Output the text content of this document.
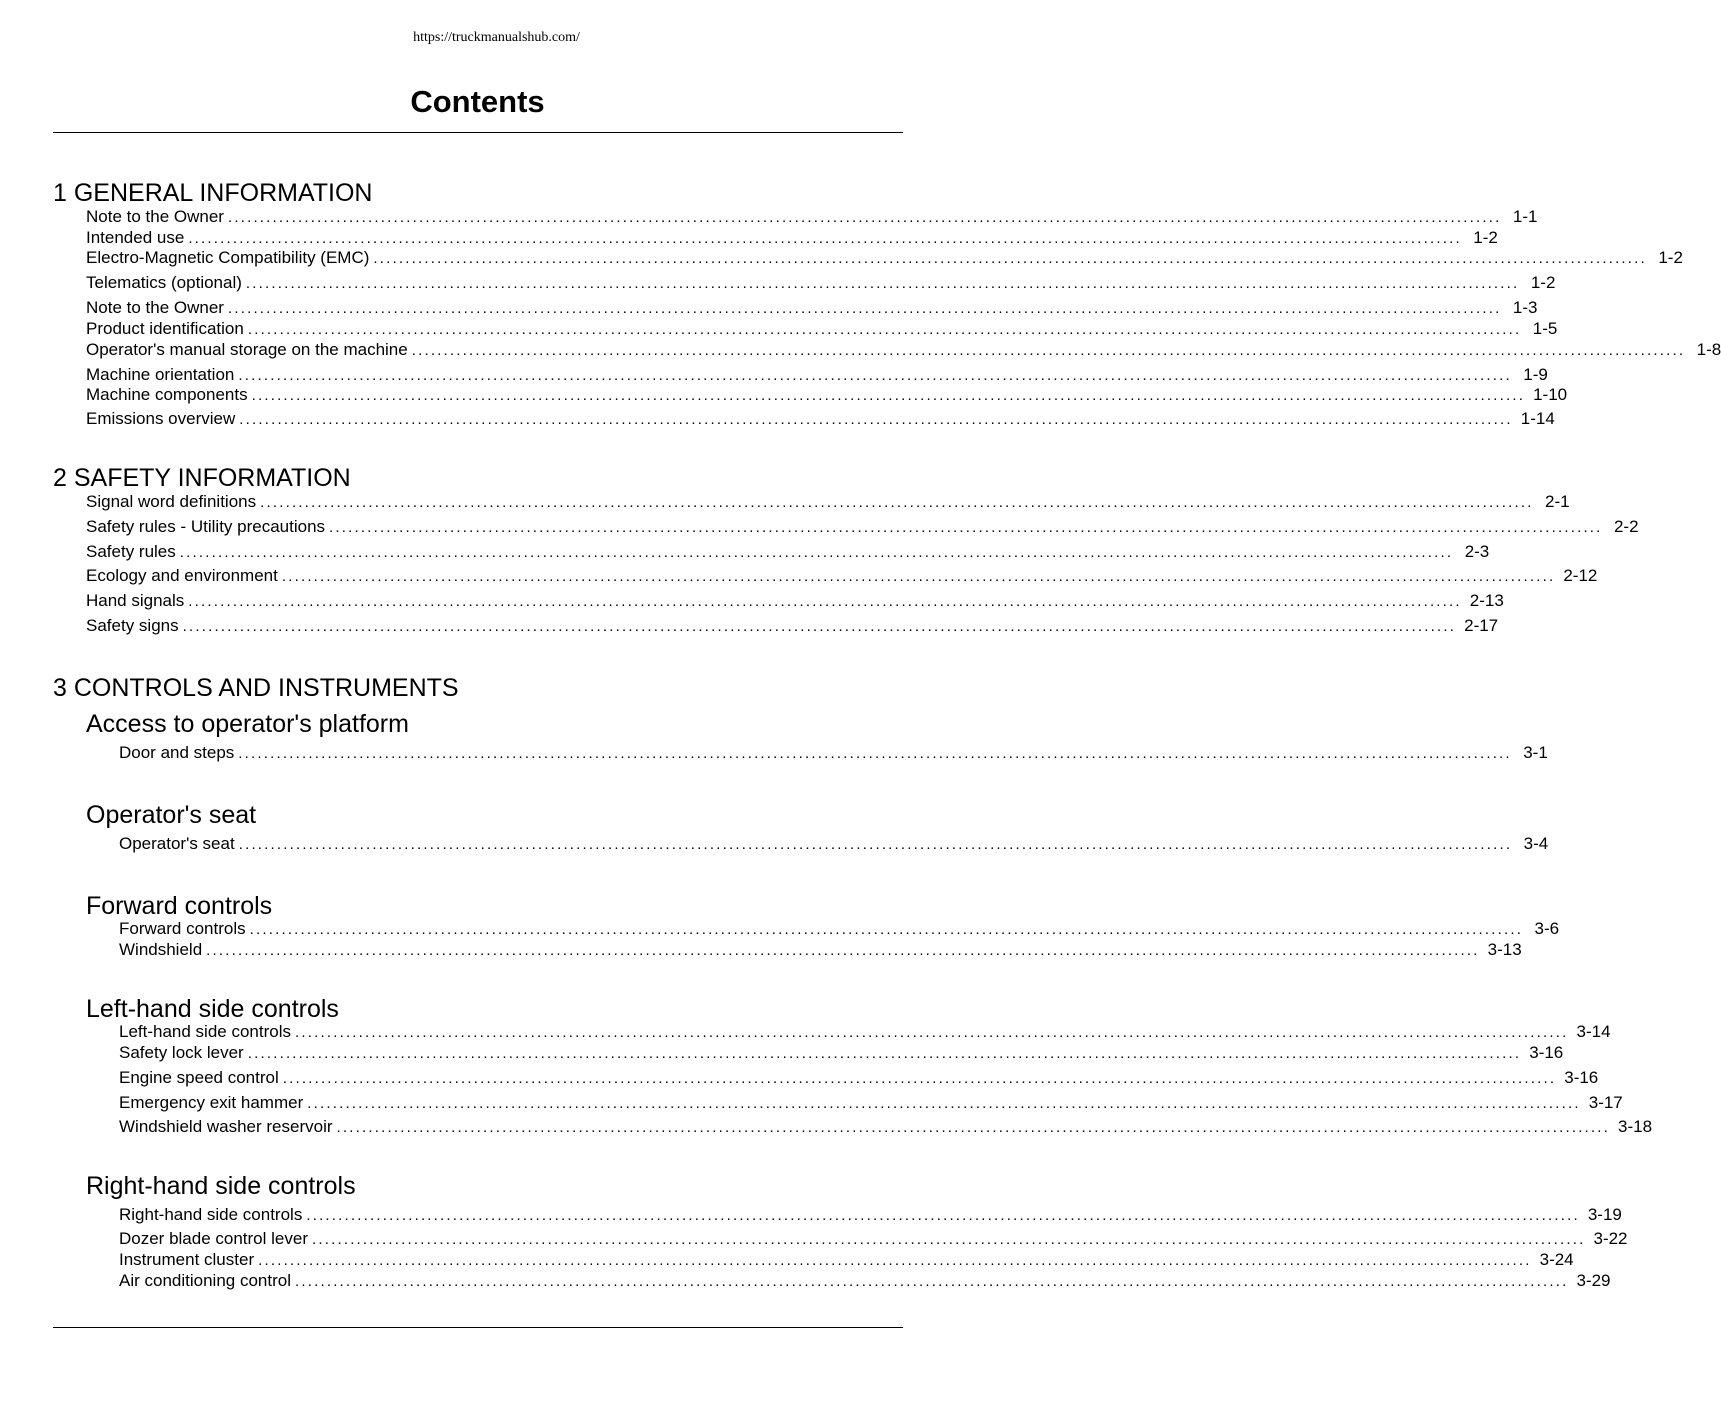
https://truckmanualshub.com/
Contents
1 GENERAL INFORMATION
Note to the Owner ........................................................................................................................................................................................................ 1-1
Intended use ........................................................................................................................................................................................................ 1-2
Electro-Magnetic Compatibility (EMC) ........................................................................................................................................................................................................ 1-2
Telematics (optional) ........................................................................................................................................................................................................ 1-2
Note to the Owner ........................................................................................................................................................................................................ 1-3
Product identification ........................................................................................................................................................................................................ 1-5
Operator's manual storage on the machine ........................................................................................................................................................................................................ 1-8
Machine orientation ........................................................................................................................................................................................................ 1-9
Machine components ........................................................................................................................................................................................................ 1-10
Emissions overview ........................................................................................................................................................................................................ 1-14
2 SAFETY INFORMATION
Signal word definitions ........................................................................................................................................................................................................ 2-1
Safety rules - Utility precautions ........................................................................................................................................................................................................ 2-2
Safety rules ........................................................................................................................................................................................................ 2-3
Ecology and environment ........................................................................................................................................................................................................ 2-12
Hand signals ........................................................................................................................................................................................................ 2-13
Safety signs ........................................................................................................................................................................................................ 2-17
3 CONTROLS AND INSTRUMENTS
Access to operator's platform
Door and steps ........................................................................................................................................................................................................ 3-1
Operator's seat
Operator's seat ........................................................................................................................................................................................................ 3-4
Forward controls
Forward controls ........................................................................................................................................................................................................ 3-6
Windshield ........................................................................................................................................................................................................ 3-13
Left-hand side controls
Left-hand side controls ........................................................................................................................................................................................................ 3-14
Safety lock lever ........................................................................................................................................................................................................ 3-16
Engine speed control ........................................................................................................................................................................................................ 3-16
Emergency exit hammer ........................................................................................................................................................................................................ 3-17
Windshield washer reservoir ........................................................................................................................................................................................................ 3-18
Right-hand side controls
Right-hand side controls ........................................................................................................................................................................................................ 3-19
Dozer blade control lever ........................................................................................................................................................................................................ 3-22
Instrument cluster ........................................................................................................................................................................................................ 3-24
Air conditioning control ........................................................................................................................................................................................................ 3-29
